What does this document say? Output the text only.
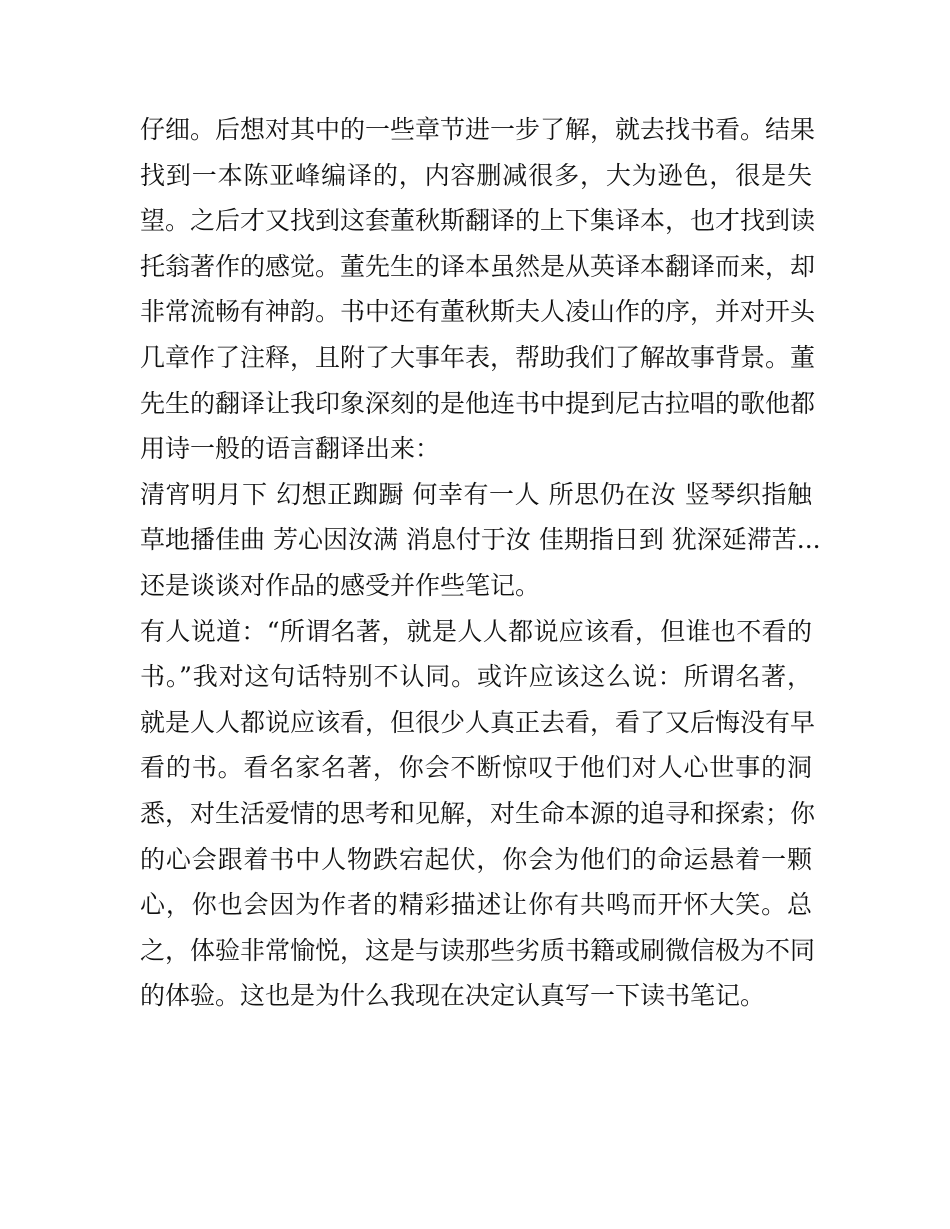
仔细。后想对其中的一些章节进一步了解，就去找书看。结果
找到一本陈亚峰编译的，内容删减很多，大为逊色，很是失
望。之后才又找到这套董秋斯翻译的上下集译本，也才找到读
托翁著作的感觉。董先生的译本虽然是从英译本翻译而来，却
非常流畅有神韵。书中还有董秋斯夫人凌山作的序，并对开头
几章作了注释，且附了大事年表，帮助我们了解故事背景。董
先生的翻译让我印象深刻的是他连书中提到尼古拉唱的歌他都
用诗一般的语言翻译出来：
清宵明月下 幻想正踟蹰 何幸有一人 所思仍在汝 竖琴织指触
草地播佳曲 芳心因汝满 消息付于汝 佳期指日到 犹深延滞苦...
还是谈谈对作品的感受并作些笔记。
有人说道：“所谓名著，就是人人都说应该看，但谁也不看的
书。”我对这句话特别不认同。或许应该这么说：所谓名著，
就是人人都说应该看，但很少人真正去看，看了又后悔没有早
看的书。看名家名著，你会不断惊叹于他们对人心世事的洞
悉，对生活爱情的思考和见解，对生命本源的追寻和探索；你
的心会跟着书中人物跌宕起伏，你会为他们的命运悬着一颗
心，你也会因为作者的精彩描述让你有共鸣而开怀大笑。总
之，体验非常愉悦，这是与读那些劣质书籍或刷微信极为不同
的体验。这也是为什么我现在决定认真写一下读书笔记。
